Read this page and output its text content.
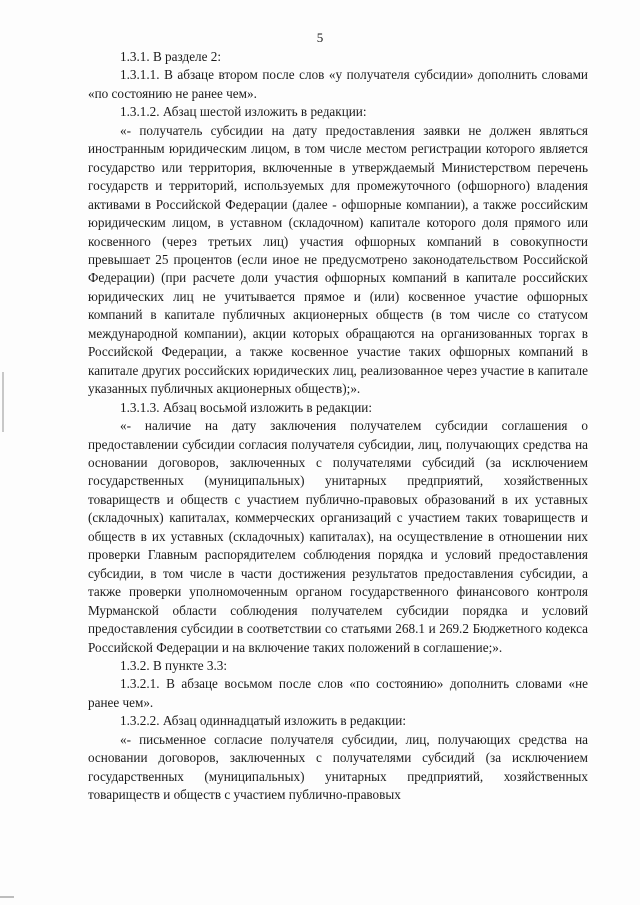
5

1.3.1. В разделе 2:

1.3.1.1. В абзаце втором после слов «у получателя субсидии» дополнить словами «по состоянию не ранее чем».

1.3.1.2. Абзац шестой изложить в редакции:

«- получатель субсидии на дату предоставления заявки не должен являться иностранным юридическим лицом, в том числе местом регистрации которого является государство или территория, включенные в утверждаемый Министерством перечень государств и территорий, используемых для промежуточного (офшорного) владения активами в Российской Федерации (далее - офшорные компании), а также российским юридическим лицом, в уставном (складочном) капитале которого доля прямого или косвенного (через третьих лиц) участия офшорных компаний в совокупности превышает 25 процентов (если иное не предусмотрено законодательством Российской Федерации) (при расчете доли участия офшорных компаний в капитале российских юридических лиц не учитывается прямое и (или) косвенное участие офшорных компаний в капитале публичных акционерных обществ (в том числе со статусом международной компании), акции которых обращаются на организованных торгах в Российской Федерации, а также косвенное участие таких офшорных компаний в капитале других российских юридических лиц, реализованное через участие в капитале указанных публичных акционерных обществ);».

1.3.1.3. Абзац восьмой изложить в редакции:

«- наличие на дату заключения получателем субсидии соглашения о предоставлении субсидии согласия получателя субсидии, лиц, получающих средства на основании договоров, заключенных с получателями субсидий (за исключением государственных (муниципальных) унитарных предприятий, хозяйственных товариществ и обществ с участием публично-правовых образований в их уставных (складочных) капиталах, коммерческих организаций с участием таких товариществ и обществ в их уставных (складочных) капиталах), на осуществление в отношении них проверки Главным распорядителем соблюдения порядка и условий предоставления субсидии, в том числе в части достижения результатов предоставления субсидии, а также проверки уполномоченным органом государственного финансового контроля Мурманской области соблюдения получателем субсидии порядка и условий предоставления субсидии в соответствии со статьями 268.1 и 269.2 Бюджетного кодекса Российской Федерации и на включение таких положений в соглашение;».

1.3.2. В пункте 3.3:

1.3.2.1. В абзаце восьмом после слов «по состоянию» дополнить словами «не ранее чем».

1.3.2.2. Абзац одиннадцатый изложить в редакции:

«- письменное согласие получателя субсидии, лиц, получающих средства на основании договоров, заключенных с получателями субсидий (за исключением государственных (муниципальных) унитарных предприятий, хозяйственных товариществ и обществ с участием публично-правовых
